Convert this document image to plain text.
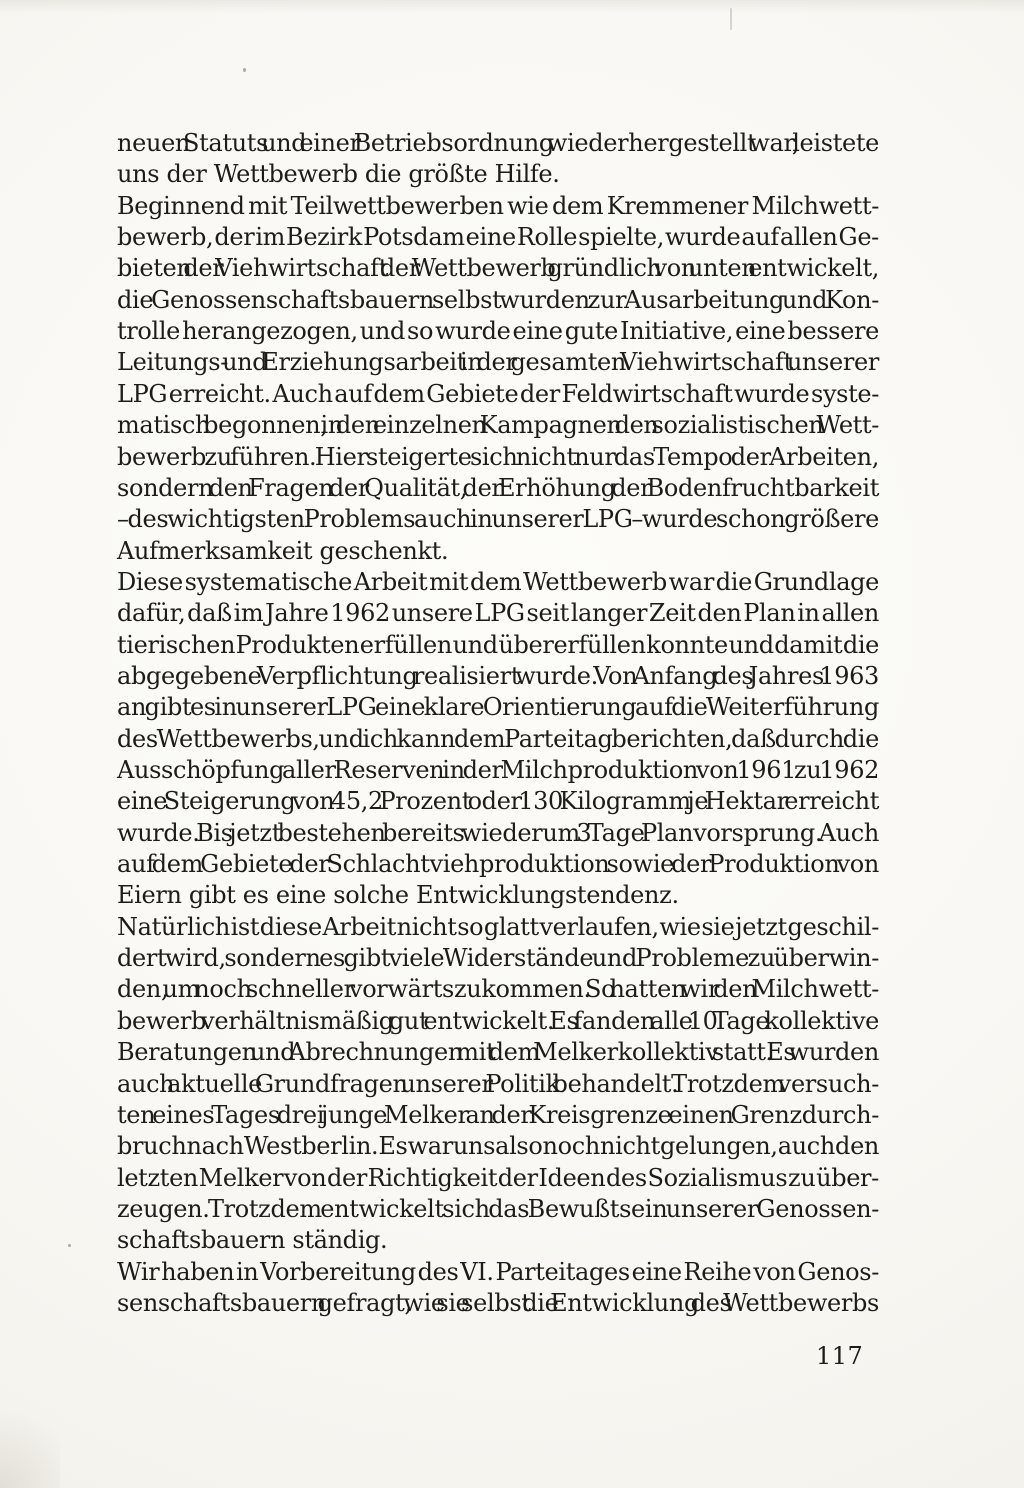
neuen Statuts und einer Betriebsordnung wiederhergestellt war, leistete
uns der Wettbewerb die größte Hilfe.
Beginnend mit Teilwettbewerben wie dem Kremmener Milchwett-
bewerb, der im Bezirk Potsdam eine Rolle spielte, wurde auf allen Ge-
bieten der Viehwirtschaft der Wettbewerb gründlich von unten entwickelt,
die Genossenschaftsbauern selbst wurden zur Ausarbeitung und Kon-
trolle herangezogen, und so wurde eine gute Initiative, eine bessere
Leitungs- und Erziehungsarbeit in der gesamten Viehwirtschaft unserer
LPG erreicht. Auch auf dem Gebiete der Feldwirtschaft wurde syste-
matisch begonnen, in den einzelnen Kampagnen den sozialistischen Wett-
bewerb zu führen. Hier steigerte sich nicht nur das Tempo der Arbeiten,
sondern den Fragen der Qualität, der Erhöhung der Bodenfruchtbarkeit
– des wichtigsten Problems auch in unserer LPG – wurde schon größere
Aufmerksamkeit geschenkt.
Diese systematische Arbeit mit dem Wettbewerb war die Grundlage
dafür, daß im Jahre 1962 unsere LPG seit langer Zeit den Plan in allen
tierischen Produkten erfüllen und übererfüllen konnte und damit die
abgegebene Verpflichtung realisiert wurde. Von Anfang des Jahres 1963
an gibt es in unserer LPG eine klare Orientierung auf die Weiterführung
des Wettbewerbs, und ich kann dem Parteitag berichten, daß durch die
Ausschöpfung aller Reserven in der Milchproduktion von 1961 zu 1962
eine Steigerung von 45,2 Prozent oder 130 Kilogramm je Hektar erreicht
wurde. Bis jetzt bestehen bereits wiederum 3 Tage Planvorsprung. Auch
auf dem Gebiete der Schlachtviehproduktion sowie der Produktion von
Eiern gibt es eine solche Entwicklungstendenz.
Natürlich ist diese Arbeit nicht so glatt verlaufen, wie sie jetzt geschil-
dert wird, sondern es gibt viele Widerstände und Probleme zu überwin-
den, um noch schneller vorwärtszukommen. So hatten wir den Milchwett-
bewerb verhältnismäßig gut entwickelt. Es fanden alle 10 Tage kollektive
Beratungen und Abrechnungen mit dem Melkerkollektiv statt. Es wurden
auch aktuelle Grundfragen unserer Politik behandelt. Trotzdem versuch-
ten eines Tages drei junge Melker an der Kreisgrenze einen Grenzdurch-
bruch nach Westberlin. Es war uns also noch nicht gelungen, auch den
letzten Melker von der Richtigkeit der Ideen des Sozialismus zu über-
zeugen. Trotzdem entwickelt sich das Bewußtsein unserer Genossen-
schaftsbauern ständig.
Wir haben in Vorbereitung des VI. Parteitages eine Reihe von Genos-
senschaftsbauern gefragt, wie sie selbst die Entwicklung des Wettbewerbs
117
